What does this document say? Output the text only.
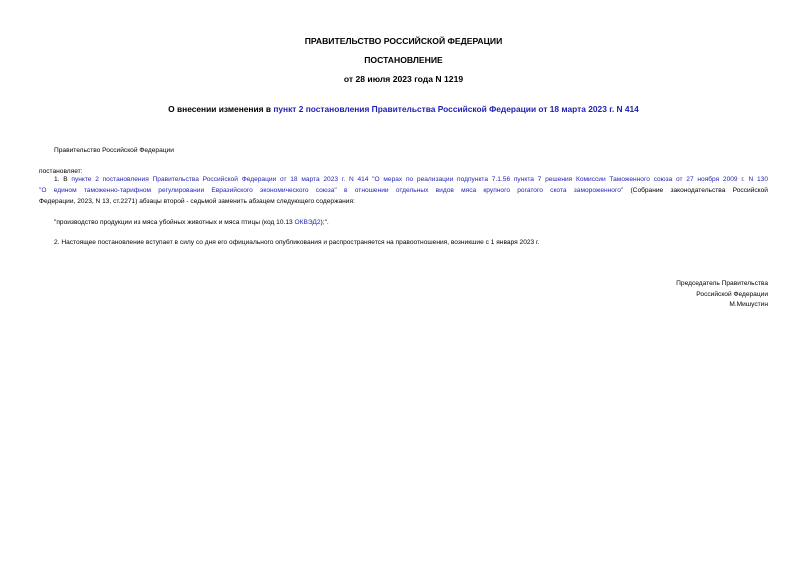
ПРАВИТЕЛЬСТВО РОССИЙСКОЙ ФЕДЕРАЦИИ
ПОСТАНОВЛЕНИЕ
от 28 июля 2023 года N 1219
О внесении изменения в пункт 2 постановления Правительства Российской Федерации от 18 марта 2023 г. N 414
Правительство Российской Федерации
постановляет:
1. В пункте 2 постановления Правительства Российской Федерации от 18 марта 2023 г. N 414 "О мерах по реализации подпункта 7.1.56 пункта 7 решения Комиссии Таможенного союза от 27 ноября 2009 г. N 130
"О едином таможенно-тарифном регулировании Евразийского экономического союза" в отношении отдельных видов мяса крупного рогатого скота замороженного" (Собрание законодательства Российской
Федерации, 2023, N 13, ст.2271) абзацы второй - седьмой заменить абзацем следующего содержания:
"производство продукции из мяса убойных животных и мяса птицы (код 10.13 ОКВЭД2);".
2. Настоящее постановление вступает в силу со дня его официального опубликования и распространяется на правоотношения, возникшие с 1 января 2023 г.
Председатель Правительства
Российской Федерации
М.Мишустин
